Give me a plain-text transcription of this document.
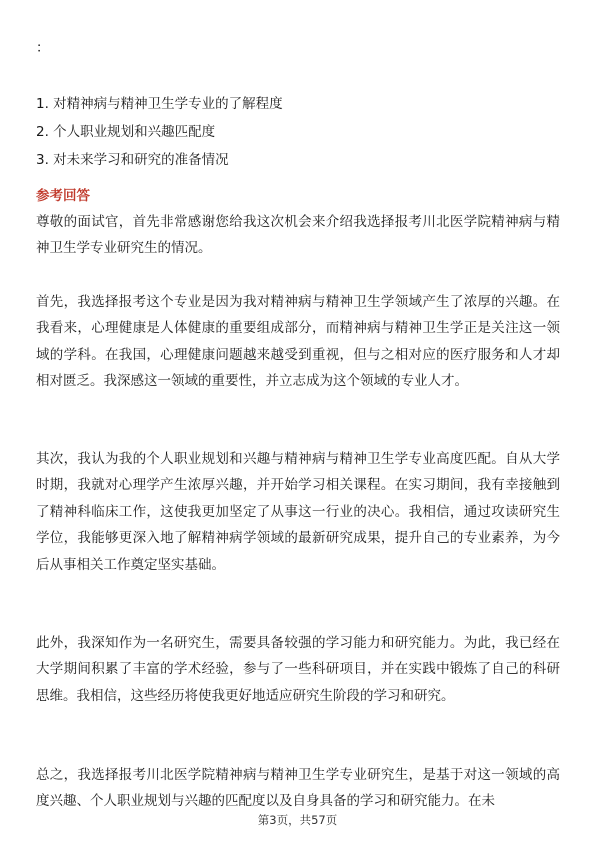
：
1. 对精神病与精神卫生学专业的了解程度
2. 个人职业规划和兴趣匹配度
3. 对未来学习和研究的准备情况
参考回答

尊敬的面试官，首先非常感谢您给我这次机会来介绍我选择报考川北医学院精神病与精神卫生学专业研究生的情况。

首先，我选择报考这个专业是因为我对精神病与精神卫生学领域产生了浓厚的兴趣。在我看来，心理健康是人体健康的重要组成部分，而精神病与精神卫生学正是关注这一领域的学科。在我国，心理健康问题越来越受到重视，但与之相对应的医疗服务和人才却相对匮乏。我深感这一领域的重要性，并立志成为这个领域的专业人才。

其次，我认为我的个人职业规划和兴趣与精神病与精神卫生学专业高度匹配。自从大学时期，我就对心理学产生浓厚兴趣，并开始学习相关课程。在实习期间，我有幸接触到了精神科临床工作，这使我更加坚定了从事这一行业的决心。我相信，通过攻读研究生学位，我能够更深入地了解精神病学领域的最新研究成果，提升自己的专业素养，为今后从事相关工作奠定坚实基础。

此外，我深知作为一名研究生，需要具备较强的学习能力和研究能力。为此，我已经在大学期间积累了丰富的学术经验，参与了一些科研项目，并在实践中锻炼了自己的科研思维。我相信，这些经历将使我更好地适应研究生阶段的学习和研究。

总之，我选择报考川北医学院精神病与精神卫生学专业研究生，是基于对这一领域的高度兴趣、个人职业规划与兴趣的匹配度以及自身具备的学习和研究能力。在未

第3页，共57页
